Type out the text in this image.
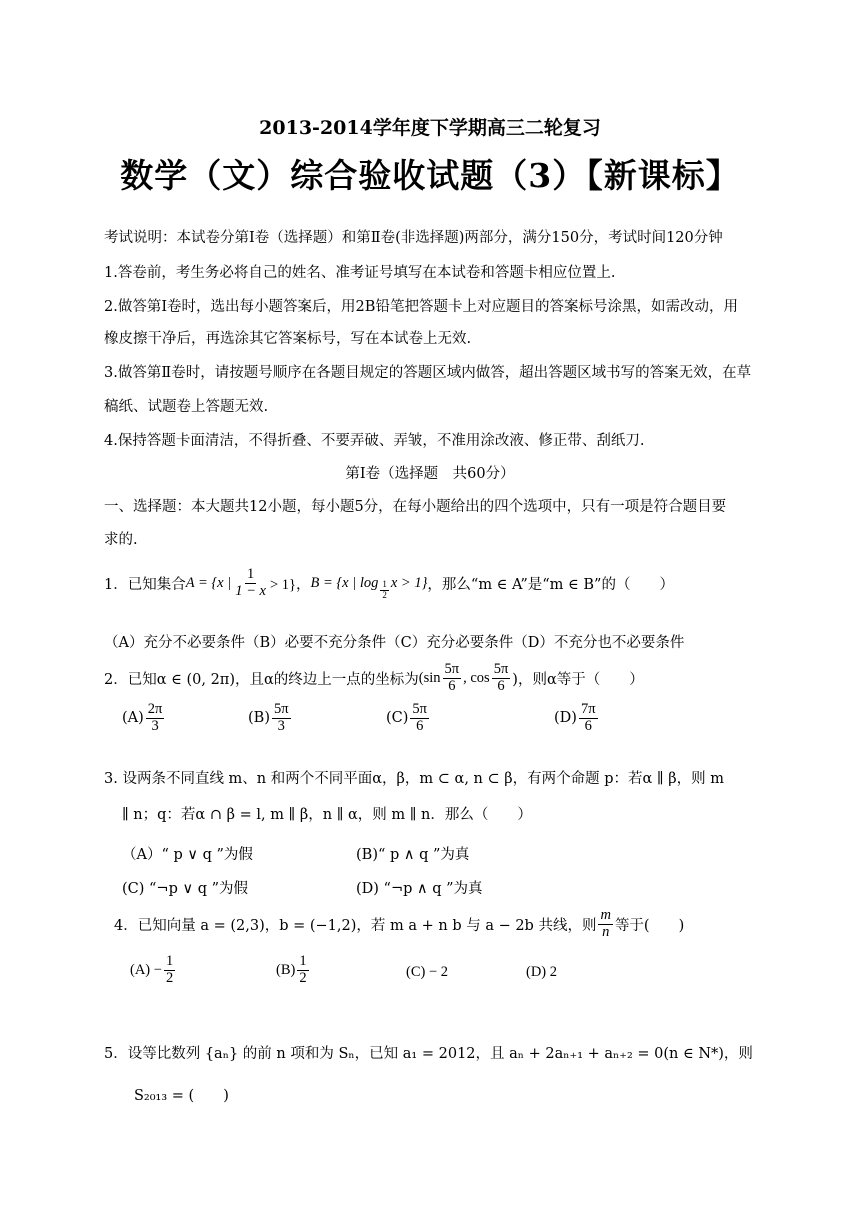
2013-2014学年度下学期高三二轮复习
数学（文）综合验收试题（3）【新课标】
考试说明：本试卷分第Ⅰ卷（选择题）和第Ⅱ卷(非选择题)两部分，满分150分，考试时间120分钟
1.答卷前，考生务必将自己的姓名、准考证号填写在本试卷和答题卡相应位置上.
2.做答第Ⅰ卷时，选出每小题答案后，用2B铅笔把答题卡上对应题目的答案标号涂黑，如需改动，用
橡皮擦干净后，再选涂其它答案标号，写在本试卷上无效.
3.做答第Ⅱ卷时，请按题号顺序在各题目规定的答题区域内做答，超出答题区域书写的答案无效，在草
稿纸、试题卷上答题无效.
4.保持答题卡面清洁，不得折叠、不要弄破、弄皱，不准用涂改液、修正带、刮纸刀.
第Ⅰ卷（选择题　共60分）
一、选择题：本大题共12小题，每小题5分，在每小题给出的四个选项中，只有一项是符合题目要
求的.
1．已知集合 A = {x | $\frac{1}{1 - x} > 1$}， B = {x | $\log \frac{1}{2}$ x > 1} ，那么“m ∈ A”是“m ∈ B”的（　　）
（A）充分不必要条件（B）必要不充分条件（C）充分必要条件（D）不充分也不必要条件
2．已知α ∈ (0, 2π)，且α的终边上一点的坐标为 ($\sin \frac{5\pi}{6}$ , $\cos \frac{5\pi}{6}$ )，则α等于（　　）
$(A) \frac{2\pi}{3}$	$(B) \frac{5\pi}{3}$	$(C) \frac{5\pi}{6}$	$(D) \frac{7\pi}{6}$
3. 设两条不同直线 m、n 和两个不同平面α，β，m ⊂ α, n ⊂ β，有两个命题 p：若α ∥ β，则 m
∥ n；q：若α ∩ β = l, m ∥ β，n ∥ α，则 m ∥ n．那么（　　）
（A）“ p ∨ q ”为假	(B)“ p ∧ q ”为真
(C) “¬p ∨ q ”为假	(D) “¬p ∧ q ”为真
4．已知向量 a = (2,3)，b = (−1,2)，若 m a + n b 与 a − 2b 共线，则 $\frac{m}{n}$ 等于(　　)
$(A) - \frac{1}{2}$	$(B) \frac{1}{2}$	(C) − 2	(D) 2
5．设等比数列 {aₙ} 的前 n 项和为 Sₙ，已知 a₁ = 2012，且 aₙ + 2aₙ₊₁ + aₙ₊₂ = 0(n ∈ N*)，则
S₂₀₁₃ = (　　)
